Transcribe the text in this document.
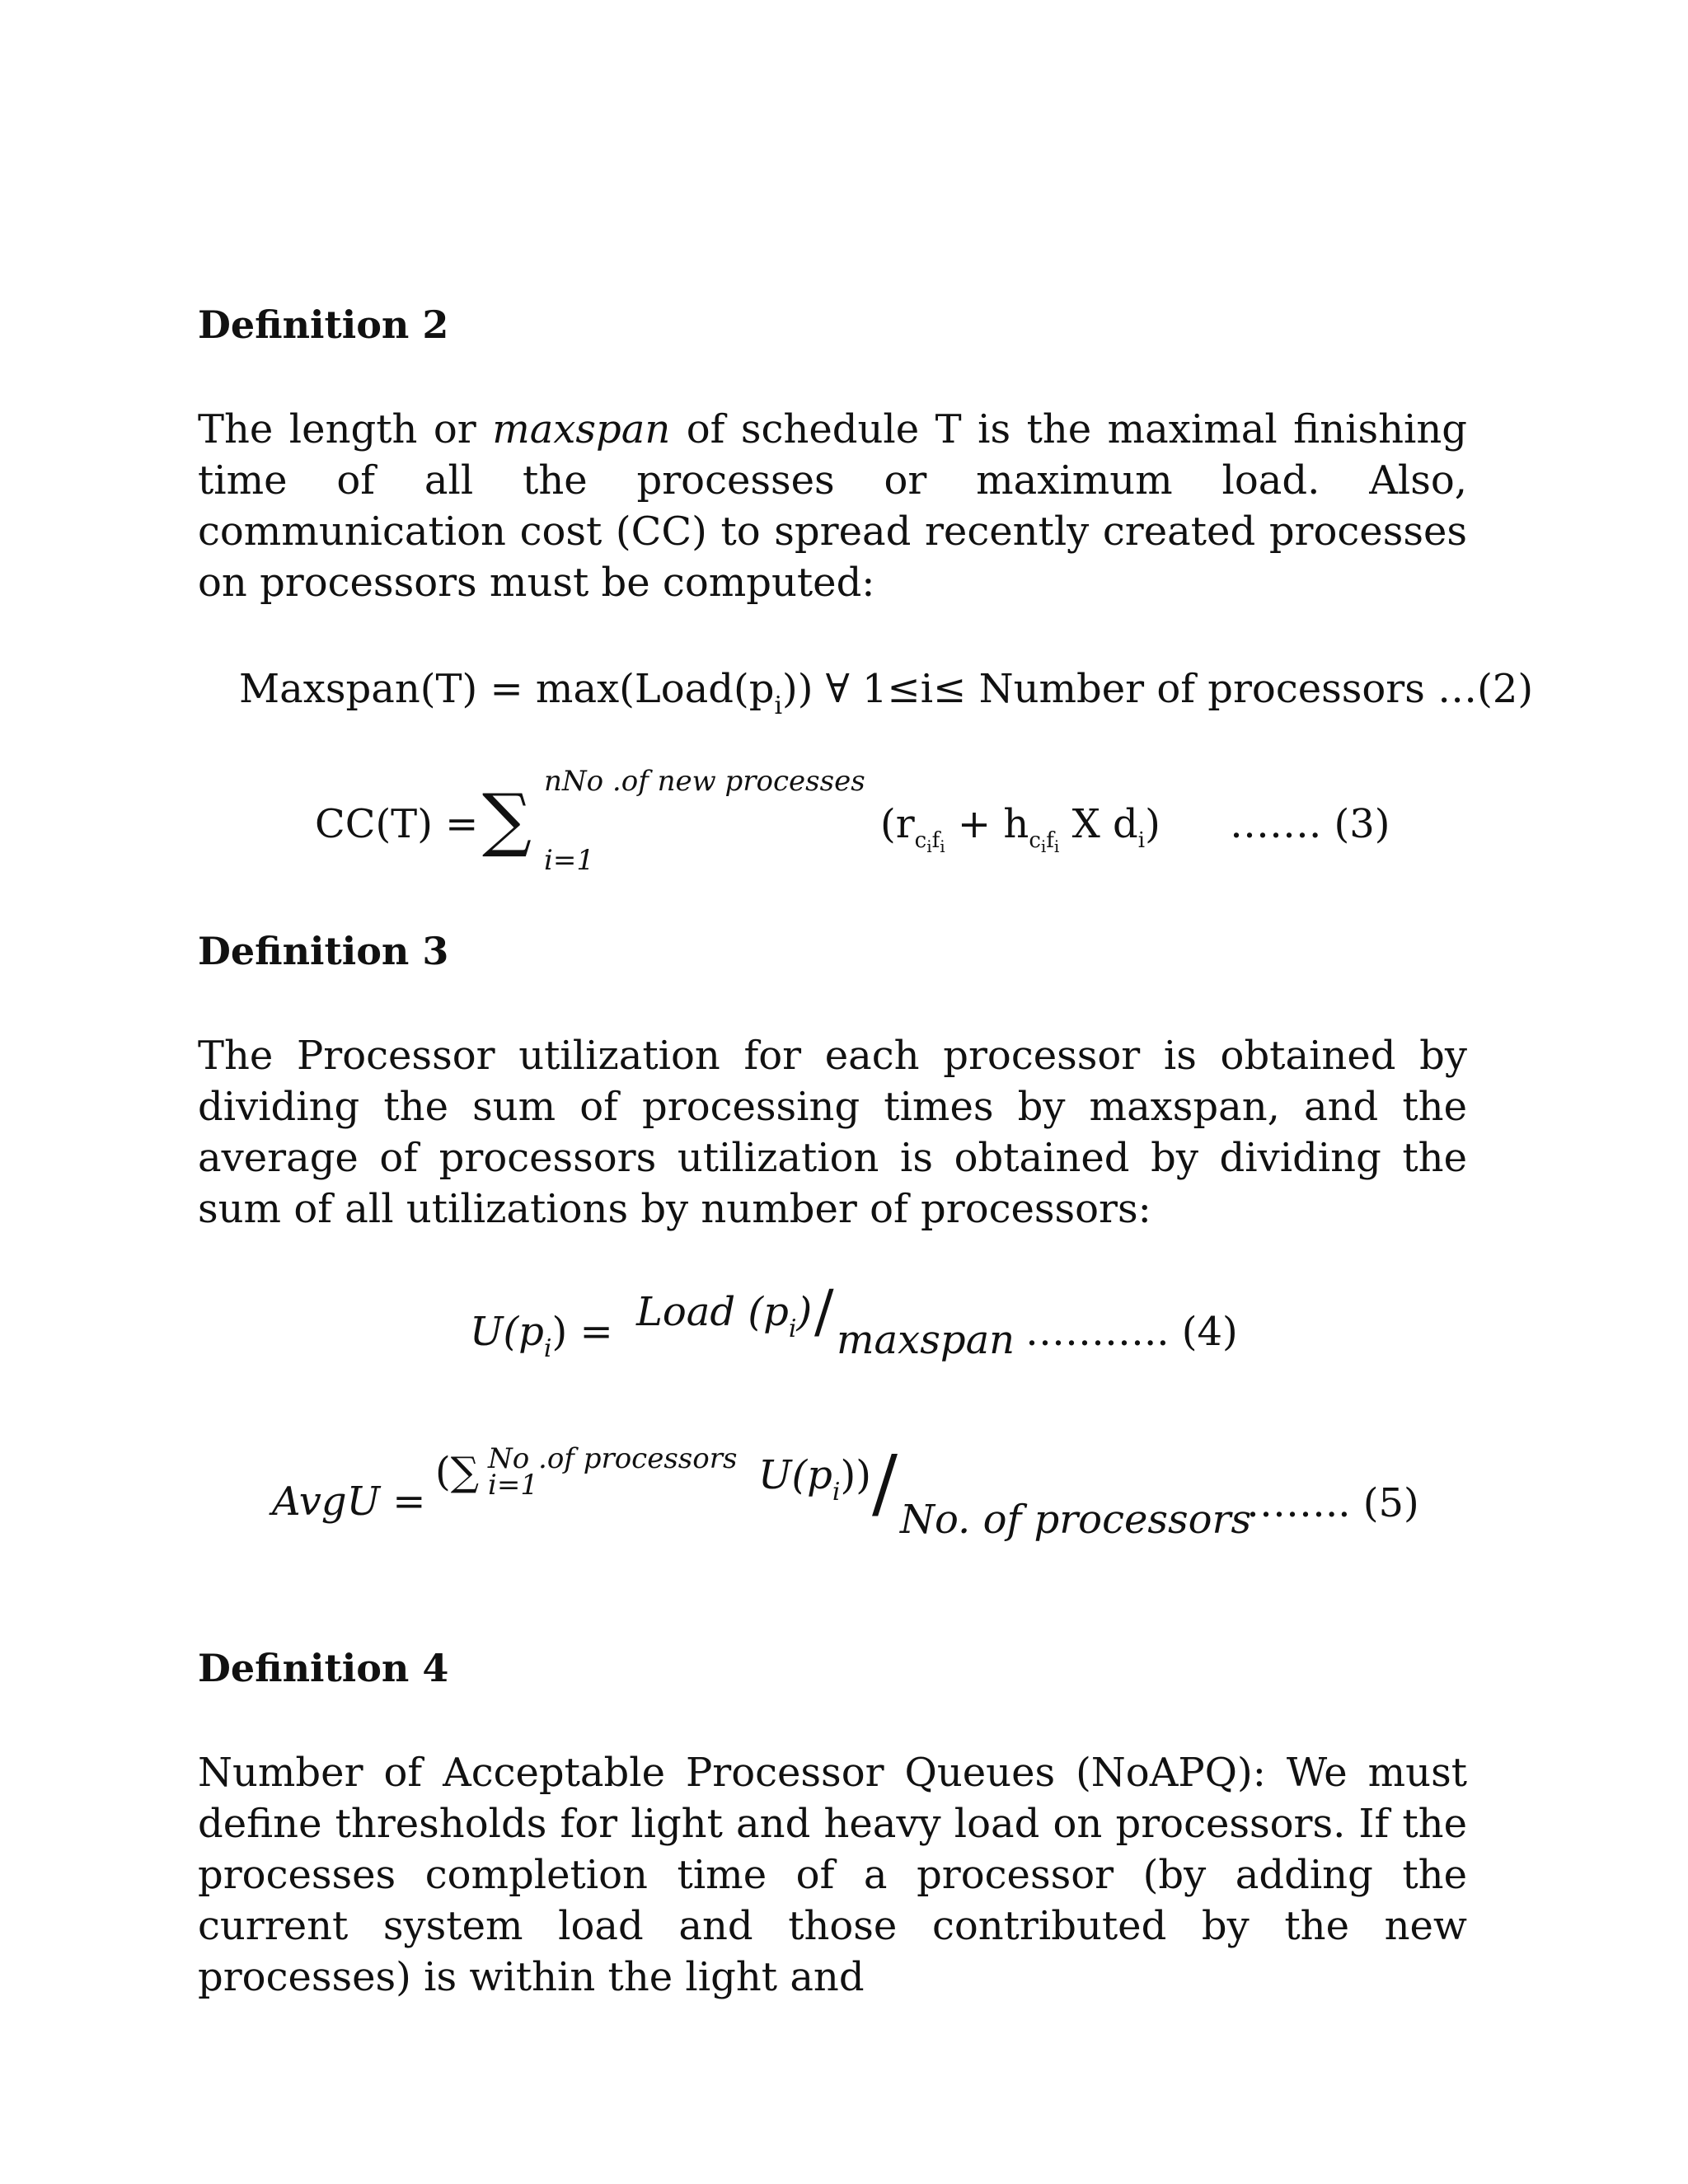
Definition 2
The length or maxspan of schedule T is the maximal finishing time of all the processes or maximum load. Also, communication cost (CC) to spread recently created processes on processors must be computed:
Maxspan(T) = $\max(Load(p_i))$ ∀ 1≤i≤ Number of processors …(2)
CC(T) = ∑ nNo .of new processes
i=1
($r_{cifi} + h_{cifi}$ X $d_i$) ……. (3)
Definition 3
The Processor utilization for each processor is obtained by dividing the sum of processing times by maxspan, and the average of processors utilization is obtained by dividing the sum of all utilizations by number of processors:
$U(p_i)$ = Load $(p_i)$ / maxspan ……….. (4)
AvgU =
(∑ No .of processors
i=1	$U(p_i)$) / No. of processors
…….. (5)
Definition 4
Number of Acceptable Processor Queues (NoAPQ): We must define thresholds for light and heavy load on processors. If the processes completion time of a processor (by adding the current system load and those contributed by the new processes) is within the light and
